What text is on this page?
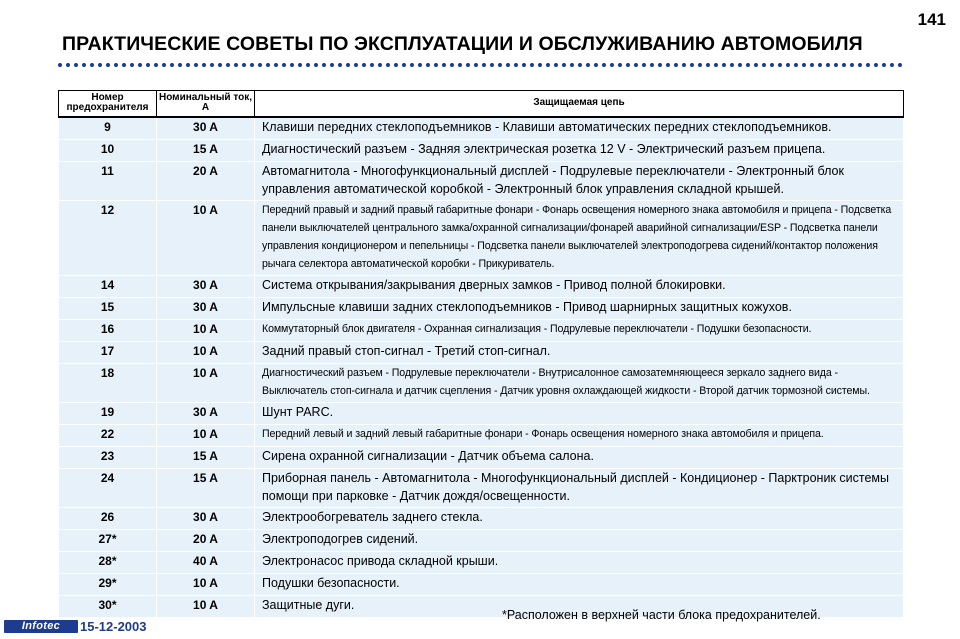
141
ПРАКТИЧЕСКИЕ СОВЕТЫ ПО ЭКСПЛУАТАЦИИ И ОБСЛУЖИВАНИЮ АВТОМОБИЛЯ
Номер предохранителя	Номинальный ток, А	Защищаемая цепь
9	30 A	Клавиши передних стеклоподъемников - Клавиши автоматических передних стеклоподъемников.
10	15 A	Диагностический разъем - Задняя электрическая розетка 12 V - Электрический разъем прицепа.
11	20 A	Автомагнитола - Многофункциональный дисплей - Подрулевые переключатели - Электронный блок управления автоматической коробкой - Электронный блок управления складной крышей.
12	10 A	Передний правый и задний правый габаритные фонари - Фонарь освещения номерного знака автомобиля и прицепа - Подсветка панели выключателей центрального замка/охранной сигнализации/фонарей аварийной сигнализации/ESP - Подсветка панели управления кондиционером и пепельницы - Подсветка панели выключателей электроподогрева сидений/контактор положения рычага селектора автоматической коробки - Прикуриватель.
14	30 A	Система открывания/закрывания дверных замков - Привод полной блокировки.
15	30 A	Импульсные клавиши задних стеклоподъемников - Привод шарнирных защитных кожухов.
16	10 A	Коммутаторный блок двигателя - Охранная сигнализация - Подрулевые переключатели - Подушки безопасности.
17	10 A	Задний правый стоп-сигнал - Третий стоп-сигнал.
18	10 A	Диагностический разъем - Подрулевые переключатели - Внутрисалонное самозатемняющееся зеркало заднего вида - Выключатель стоп-сигнала и датчик сцепления - Датчик уровня охлаждающей жидкости - Второй датчик тормозной системы.
19	30 A	Шунт PARC.
22	10 A	Передний левый и задний левый габаритные фонари - Фонарь освещения номерного знака автомобиля и прицепа.
23	15 A	Сирена охранной сигнализации - Датчик объема салона.
24	15 A	Приборная панель - Автомагнитола - Многофункциональный дисплей - Кондиционер - Парктроник системы помощи при парковке - Датчик дождя/освещенности.
26	30 A	Электрообогреватель заднего стекла.
27*	20 A	Электроподогрев сидений.
28*	40 A	Электронасос привода складной крыши.
29*	10 A	Подушки безопасности.
30*	10 A	Защитные дуги.
*Расположен в верхней части блока предохранителей.
Infotec	15-12-2003
